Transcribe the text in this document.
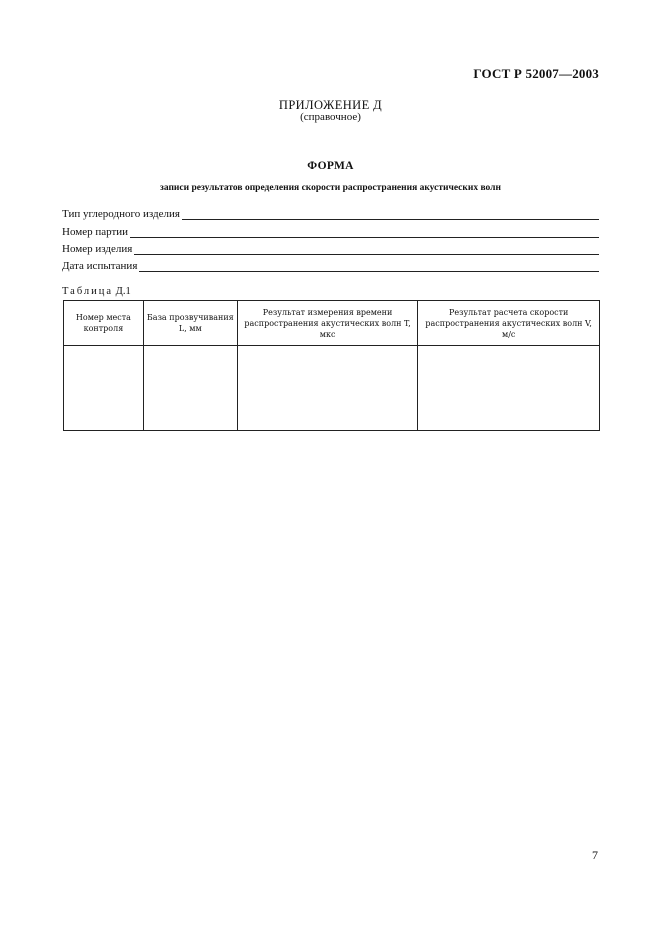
ГОСТ Р 52007—2003
ПРИЛОЖЕНИЕ Д
(справочное)
ФОРМА
записи результатов определения скорости распространения акустических волн
Тип углеродного изделия
Номер партии
Номер изделия
Дата испытания
Таблица Д.1
Номер места контроля	База прозвучивания L, мм	Результат измерения времени распространения акустических волн T, мкс	Результат расчета скорости распространения акустических волн V, м/с

7
